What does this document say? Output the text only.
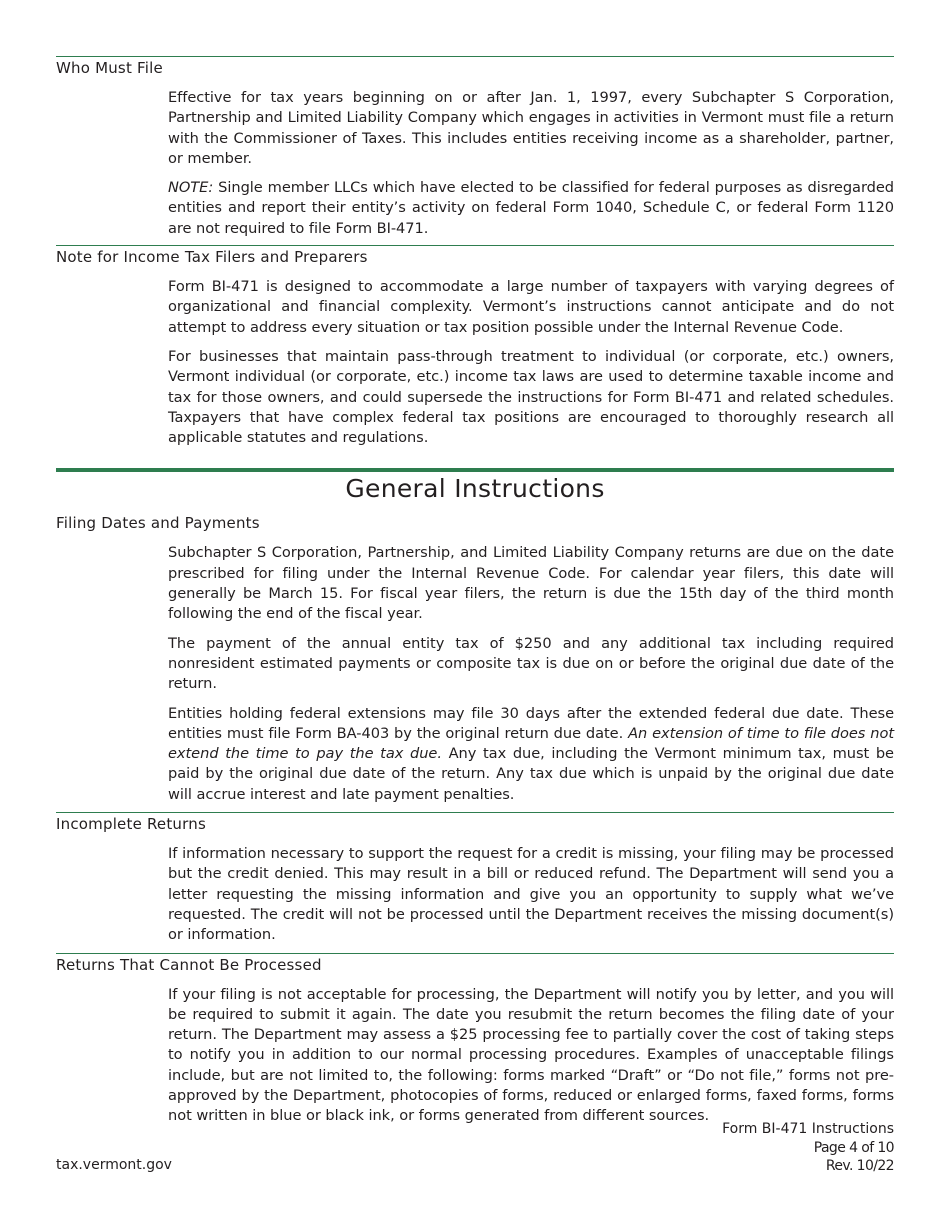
Who Must File

Effective for tax years beginning on or after Jan. 1, 1997, every Subchapter S Corporation, Partnership and Limited Liability Company which engages in activities in Vermont must file a return with the Commissioner of Taxes. This includes entities receiving income as a shareholder, partner, or member.

NOTE: Single member LLCs which have elected to be classified for federal purposes as disregarded entities and report their entity’s activity on federal Form 1040, Schedule C, or federal Form 1120 are not required to file Form BI-471.

Note for Income Tax Filers and Preparers

Form BI-471 is designed to accommodate a large number of taxpayers with varying degrees of organizational and financial complexity. Vermont’s instructions cannot anticipate and do not attempt to address every situation or tax position possible under the Internal Revenue Code.

For businesses that maintain pass-through treatment to individual (or corporate, etc.) owners, Vermont individual (or corporate, etc.) income tax laws are used to determine taxable income and tax for those owners, and could supersede the instructions for Form BI-471 and related schedules. Taxpayers that have complex federal tax positions are encouraged to thoroughly research all applicable statutes and regulations.

General Instructions
Filing Dates and Payments

Subchapter S Corporation, Partnership, and Limited Liability Company returns are due on the date prescribed for filing under the Internal Revenue Code. For calendar year filers, this date will generally be March 15. For fiscal year filers, the return is due the 15th day of the third month following the end of the fiscal year.

The payment of the annual entity tax of $250 and any additional tax including required nonresident estimated payments or composite tax is due on or before the original due date of the return.

Entities holding federal extensions may file 30 days after the extended federal due date. These entities must file Form BA-403 by the original return due date. An extension of time to file does not extend the time to pay the tax due. Any tax due, including the Vermont minimum tax, must be paid by the original due date of the return. Any tax due which is unpaid by the original due date will accrue interest and late payment penalties.

Incomplete Returns

If information necessary to support the request for a credit is missing, your filing may be processed but the credit denied. This may result in a bill or reduced refund. The Department will send you a letter requesting the missing information and give you an opportunity to supply what we’ve requested. The credit will not be processed until the Department receives the missing document(s) or information.

Returns That Cannot Be Processed

If your filing is not acceptable for processing, the Department will notify you by letter, and you will be required to submit it again. The date you resubmit the return becomes the filing date of your return. The Department may assess a $25 processing fee to partially cover the cost of taking steps to notify you in addition to our normal processing procedures. Examples of unacceptable filings include, but are not limited to, the following: forms marked “Draft” or “Do not file,” forms not pre-approved by the Department, photocopies of forms, reduced or enlarged forms, faxed forms, forms not written in blue or black ink, or forms generated from different sources.

tax.vermont.gov
Form BI-471 Instructions
Page 4 of 10
Rev. 10/22
